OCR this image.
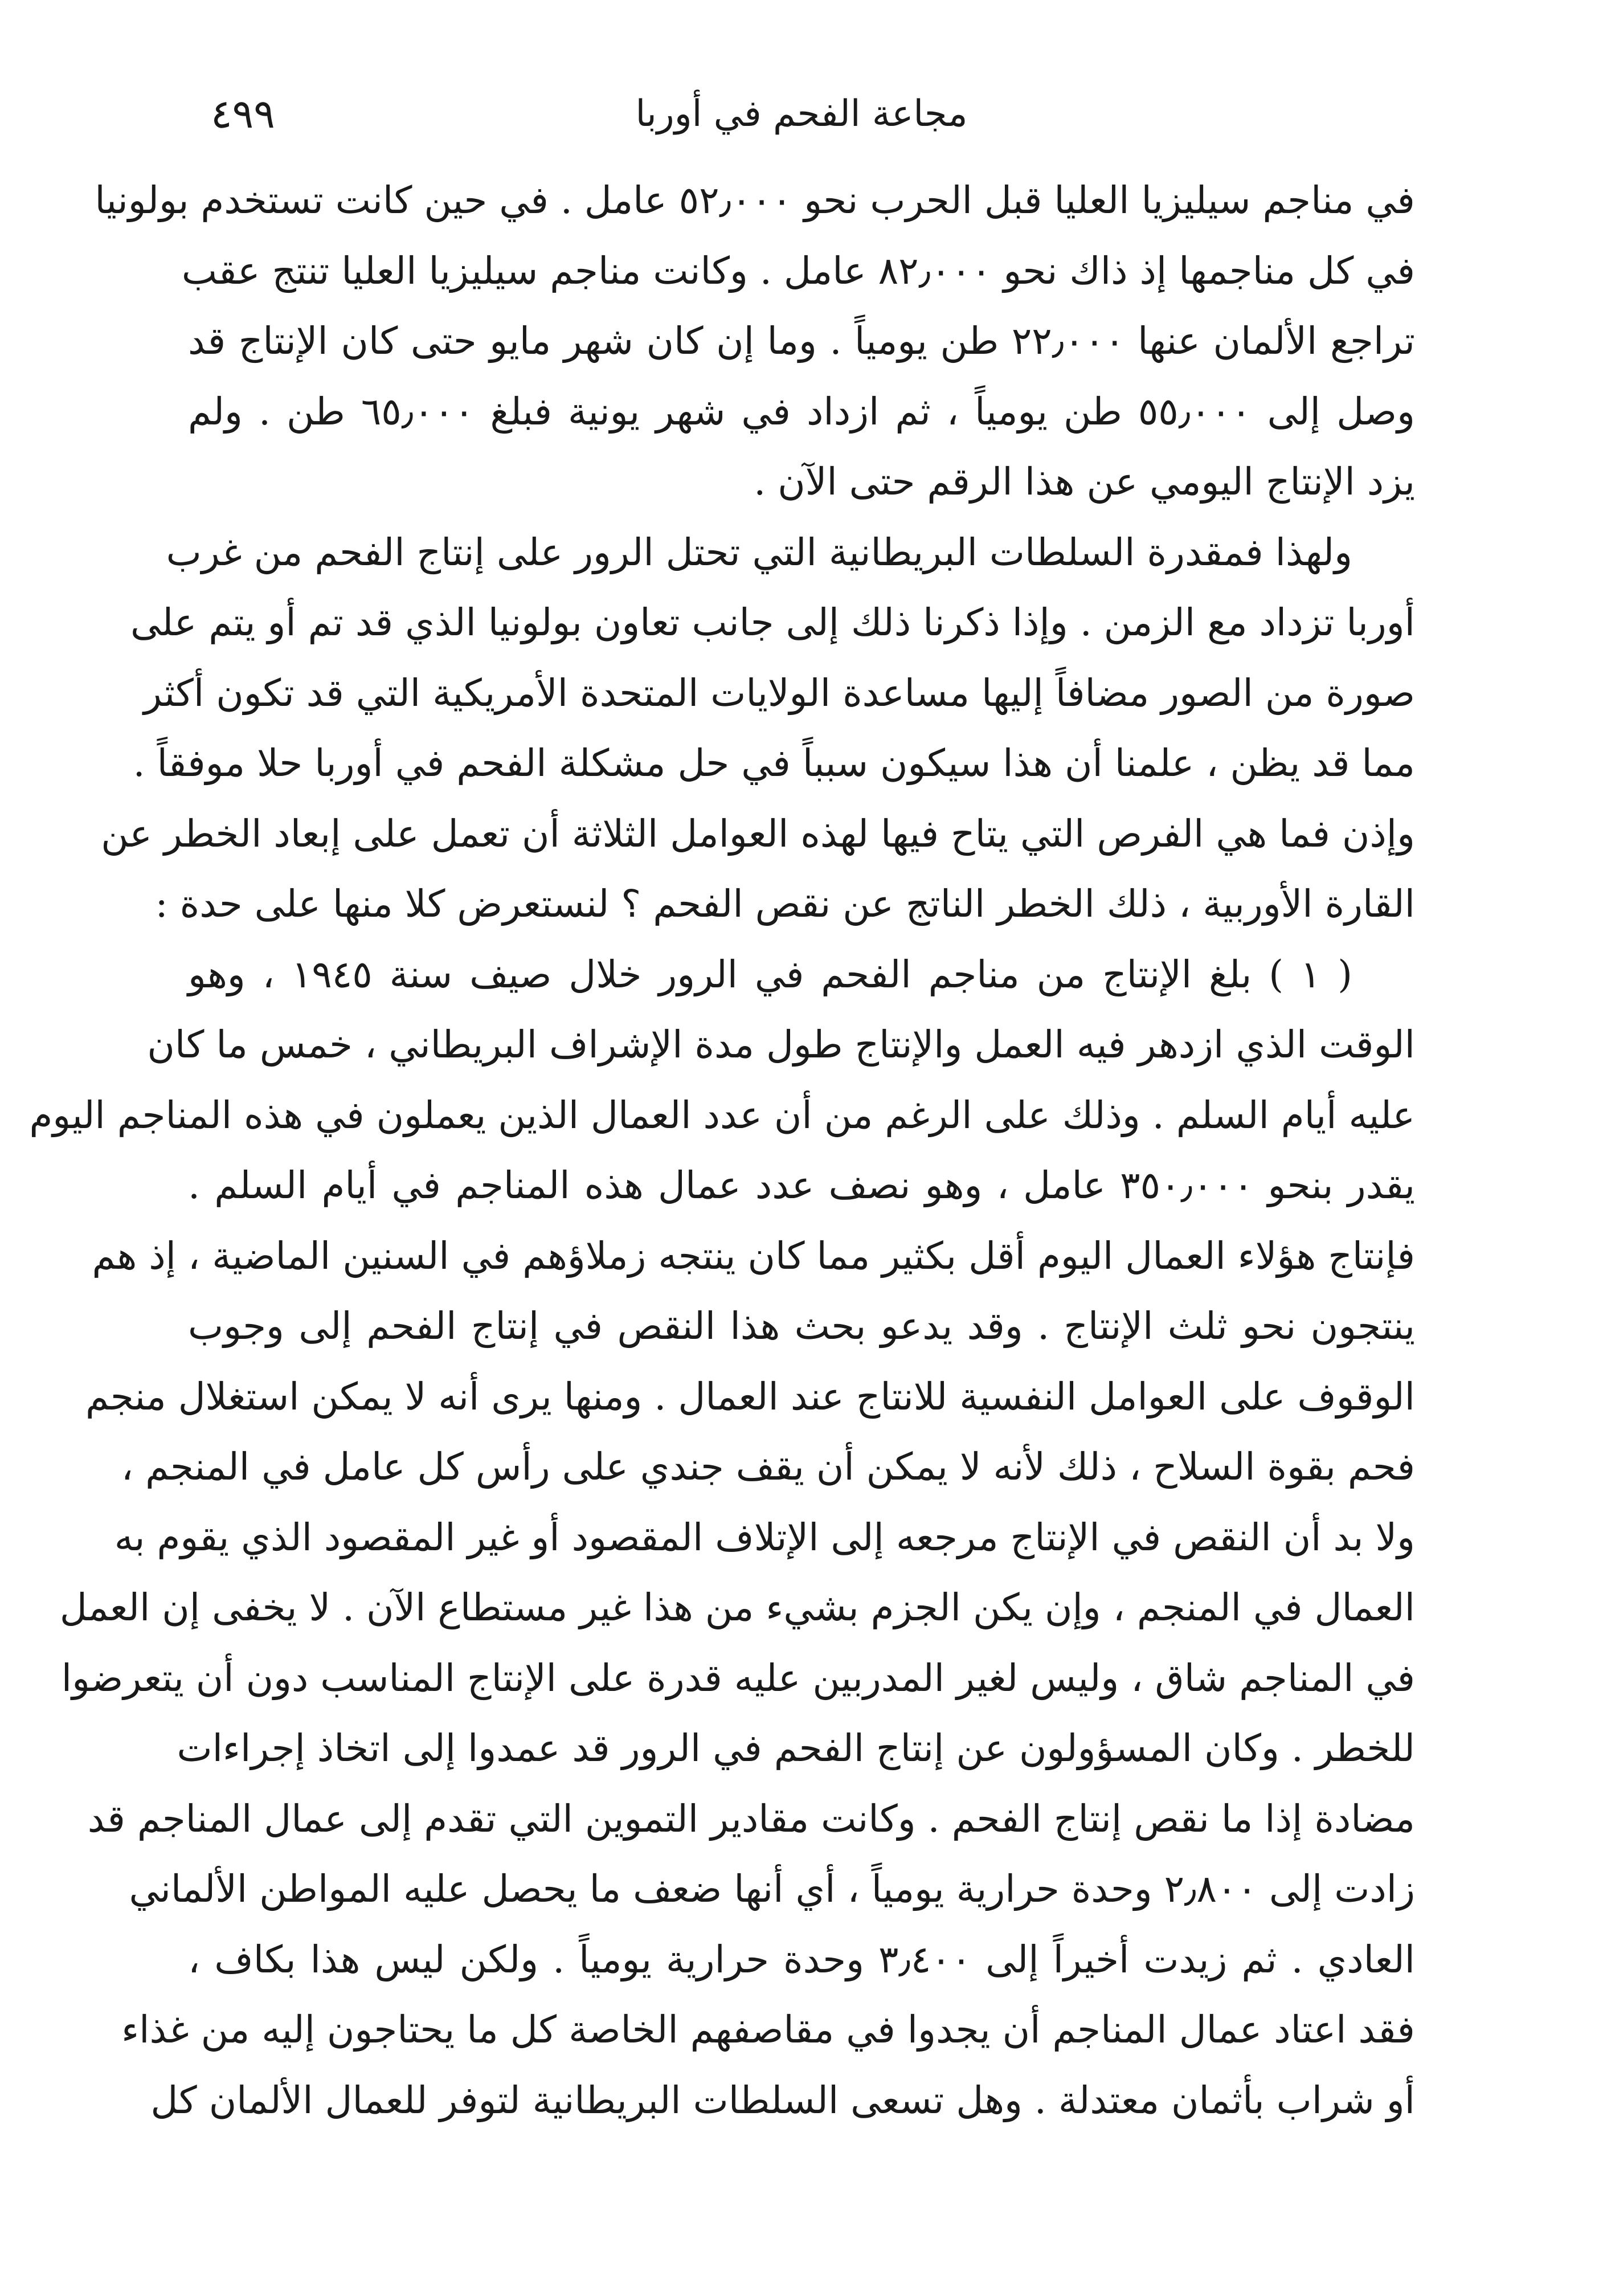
٤٩٩	مجاعة الفحم في أوربا
في مناجم سيليزيا العليا قبل الحرب نحو ٥٢٫٠٠٠ عامل . في حين كانت تستخدم بولونيا
في كل مناجمها إذ ذاك نحو ٨٢٫٠٠٠ عامل . وكانت مناجم سيليزيا العليا تنتج عقب
تراجع الألمان عنها ٢٢٫٠٠٠ طن يومياً . وما إن كان شهر مايو حتى كان الإنتاج قد
وصل إلى ٥٥٫٠٠٠ طن يومياً ، ثم ازداد في شهر يونية فبلغ ٦٥٫٠٠٠ طن . ولم
يزد الإنتاج اليومي عن هذا الرقم حتى الآن .
ولهذا فمقدرة السلطات البريطانية التي تحتل الرور على إنتاج الفحم من غرب
أوربا تزداد مع الزمن . وإذا ذكرنا ذلك إلى جانب تعاون بولونيا الذي قد تم أو يتم على
صورة من الصور مضافاً إليها مساعدة الولايات المتحدة الأمريكية التي قد تكون أكثر
مما قد يظن ، علمنا أن هذا سيكون سبباً في حل مشكلة الفحم في أوربا حلا موفقاً .
وإذن فما هي الفرص التي يتاح فيها لهذه العوامل الثلاثة أن تعمل على إبعاد الخطر عن
القارة الأوربية ، ذلك الخطر الناتج عن نقص الفحم ؟ لنستعرض كلا منها على حدة :
( ١ ) بلغ الإنتاج من مناجم الفحم في الرور خلال صيف سنة ١٩٤٥ ، وهو
الوقت الذي ازدهر فيه العمل والإنتاج طول مدة الإشراف البريطاني ، خمس ما كان
عليه أيام السلم . وذلك على الرغم من أن عدد العمال الذين يعملون في هذه المناجم اليوم
يقدر بنحو ٣٥٠٫٠٠٠ عامل ، وهو نصف عدد عمال هذه المناجم في أيام السلم .
فإنتاج هؤلاء العمال اليوم أقل بكثير مما كان ينتجه زملاؤهم في السنين الماضية ، إذ هم
ينتجون نحو ثلث الإنتاج . وقد يدعو بحث هذا النقص في إنتاج الفحم إلى وجوب
الوقوف على العوامل النفسية للانتاج عند العمال . ومنها يرى أنه لا يمكن استغلال منجم
فحم بقوة السلاح ، ذلك لأنه لا يمكن أن يقف جندي على رأس كل عامل في المنجم ،
ولا بد أن النقص في الإنتاج مرجعه إلى الإتلاف المقصود أو غير المقصود الذي يقوم به
العمال في المنجم ، وإن يكن الجزم بشيء من هذا غير مستطاع الآن . لا يخفى إن العمل
في المناجم شاق ، وليس لغير المدربين عليه قدرة على الإنتاج المناسب دون أن يتعرضوا
للخطر . وكان المسؤولون عن إنتاج الفحم في الرور قد عمدوا إلى اتخاذ إجراءات
مضادة إذا ما نقص إنتاج الفحم . وكانت مقادير التموين التي تقدم إلى عمال المناجم قد
زادت إلى ٢٫٨٠٠ وحدة حرارية يومياً ، أي أنها ضعف ما يحصل عليه المواطن الألماني
العادي . ثم زيدت أخيراً إلى ٣٫٤٠٠ وحدة حرارية يومياً . ولكن ليس هذا بكاف ،
فقد اعتاد عمال المناجم أن يجدوا في مقاصفهم الخاصة كل ما يحتاجون إليه من غذاء
أو شراب بأثمان معتدلة . وهل تسعى السلطات البريطانية لتوفر للعمال الألمان كل
